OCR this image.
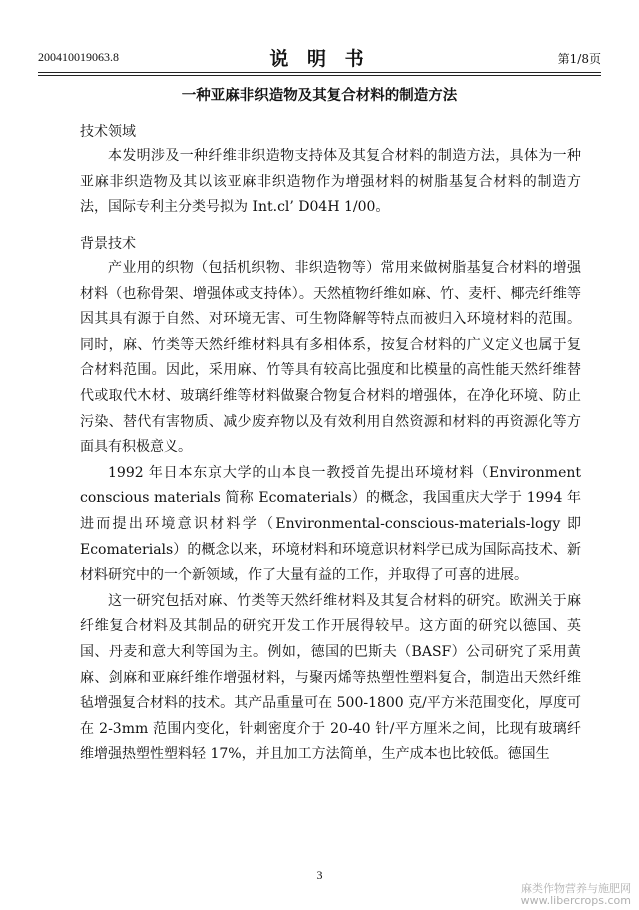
200410019063.8	说 明 书	第1/8页
一种亚麻非织造物及其复合材料的制造方法
技术领域

本发明涉及一种纤维非织造物支持体及其复合材料的制造方法，具体为一种亚麻非织造物及其以该亚麻非织造物作为增强材料的树脂基复合材料的制造方法，国际专利主分类号拟为 Int.cl’ D04H 1/00。

背景技术

产业用的织物（包括机织物、非织造物等）常用来做树脂基复合材料的增强材料（也称骨架、增强体或支持体）。天然植物纤维如麻、竹、麦杆、椰壳纤维等因其具有源于自然、对环境无害、可生物降解等特点而被归入环境材料的范围。同时，麻、竹类等天然纤维材料具有多相体系，按复合材料的广义定义也属于复合材料范围。因此，采用麻、竹等具有较高比强度和比模量的高性能天然纤维替代或取代木材、玻璃纤维等材料做聚合物复合材料的增强体，在净化环境、防止污染、替代有害物质、减少废弃物以及有效利用自然资源和材料的再资源化等方面具有积极意义。

1992 年日本东京大学的山本良一教授首先提出环境材料（Environment conscious materials 简称 Ecomaterials）的概念，我国重庆大学于 1994 年进而提出环境意识材料学（Environmental-conscious-materials-logy 即 Ecomaterials）的概念以来，环境材料和环境意识材料学已成为国际高技术、新材料研究中的一个新领域，作了大量有益的工作，并取得了可喜的进展。

这一研究包括对麻、竹类等天然纤维材料及其复合材料的研究。欧洲关于麻纤维复合材料及其制品的研究开发工作开展得较早。这方面的研究以德国、英国、丹麦和意大利等国为主。例如，德国的巴斯夫（BASF）公司研究了采用黄麻、剑麻和亚麻纤维作增强材料，与聚丙烯等热塑性塑料复合，制造出天然纤维毡增强复合材料的技术。其产品重量可在 500-1800 克/平方米范围变化，厚度可在 2-3mm 范围内变化，针刺密度介于 20-40 针/平方厘米之间，比现有玻璃纤维增强热塑性塑料轻 17%，并且加工方法简单，生产成本也比较低。德国生

3
麻类作物营养与施肥网
www.libercrops.com
